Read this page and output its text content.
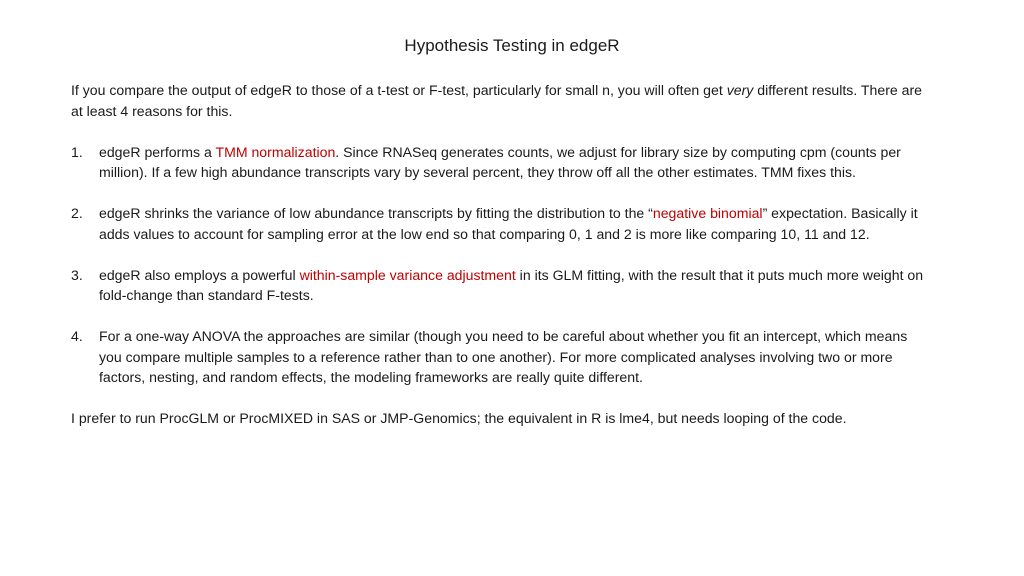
Hypothesis Testing in edgeR

If you compare the output of edgeR to those of a t-test or F-test, particularly for small n, you will often get very different results. There are at least 4 reasons for this.

1. edgeR performs a TMM normalization. Since RNASeq generates counts, we adjust for library size by computing cpm (counts per million). If a few high abundance transcripts vary by several percent, they throw off all the other estimates. TMM fixes this.
2. edgeR shrinks the variance of low abundance transcripts by fitting the distribution to the “negative binomial” expectation. Basically it adds values to account for sampling error at the low end so that comparing 0, 1 and 2 is more like comparing 10, 11 and 12.
3. edgeR also employs a powerful within-sample variance adjustment in its GLM fitting, with the result that it puts much more weight on fold-change than standard F-tests.
4. For a one-way ANOVA the approaches are similar (though you need to be careful about whether you fit an intercept, which means you compare multiple samples to a reference rather than to one another). For more complicated analyses involving two or more factors, nesting, and random effects, the modeling frameworks are really quite different.

I prefer to run ProcGLM or ProcMIXED in SAS or JMP-Genomics; the equivalent in R is lme4, but needs looping of the code.
